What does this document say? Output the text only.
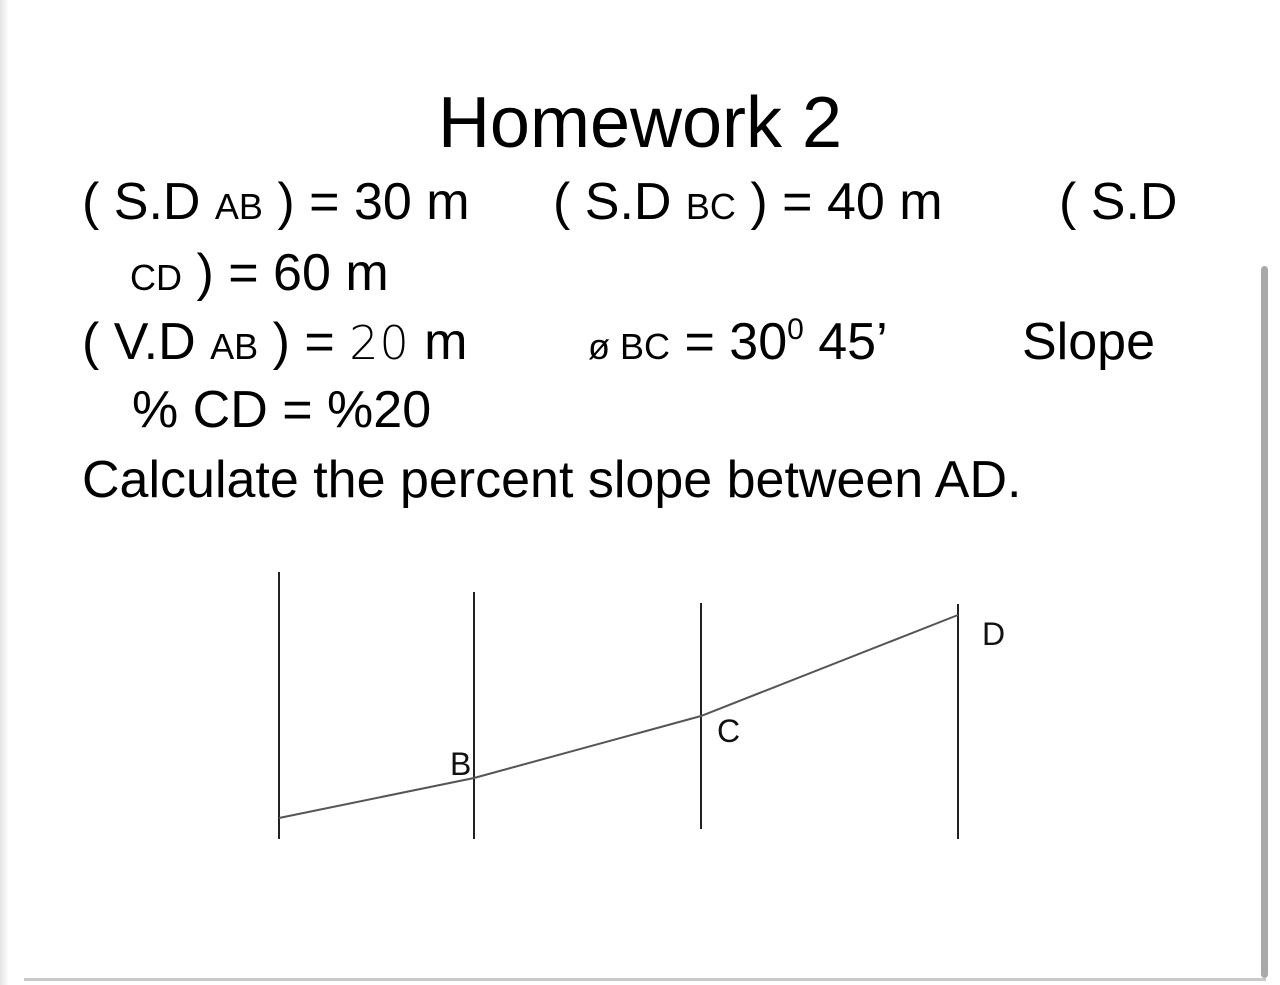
Homework 2
( S.D AB ) = 30 m ( S.D BC ) = 40 m ( S.D
CD ) = 60 m
( V.D AB ) = 20 m	ø BC = $30^0$ 45’	Slope
% CD = %20
Calculate the percent slope between AD.
B
C
D
